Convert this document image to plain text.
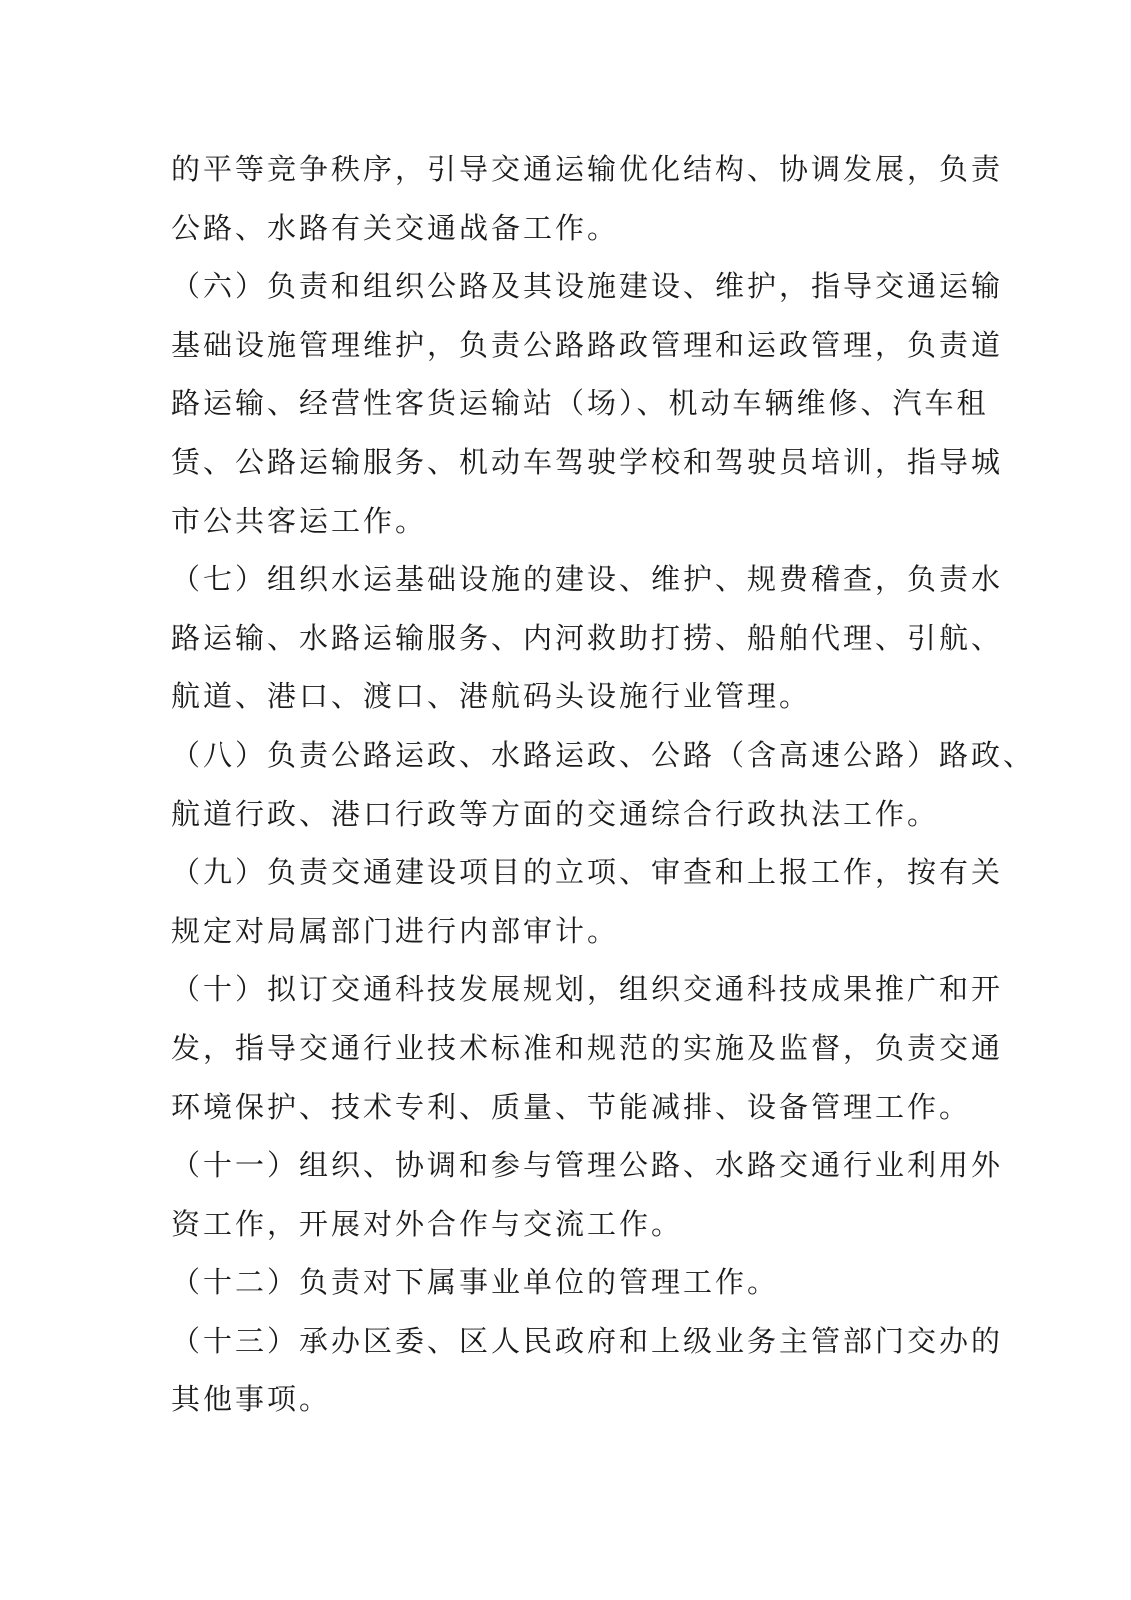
的平等竞争秩序，引导交通运输优化结构、协调发展，负责
公路、水路有关交通战备工作。
（六）负责和组织公路及其设施建设、维护，指导交通运输
基础设施管理维护，负责公路路政管理和运政管理，负责道
路运输、经营性客货运输站（场）、机动车辆维修、汽车租
赁、公路运输服务、机动车驾驶学校和驾驶员培训，指导城
市公共客运工作。
（七）组织水运基础设施的建设、维护、规费稽查，负责水
路运输、水路运输服务、内河救助打捞、船舶代理、引航、
航道、港口、渡口、港航码头设施行业管理。
（八）负责公路运政、水路运政、公路（含高速公路）路政、
航道行政、港口行政等方面的交通综合行政执法工作。
（九）负责交通建设项目的立项、审查和上报工作，按有关
规定对局属部门进行内部审计。
（十）拟订交通科技发展规划，组织交通科技成果推广和开
发，指导交通行业技术标准和规范的实施及监督，负责交通
环境保护、技术专利、质量、节能减排、设备管理工作。
（十一）组织、协调和参与管理公路、水路交通行业利用外
资工作，开展对外合作与交流工作。
（十二）负责对下属事业单位的管理工作。
（十三）承办区委、区人民政府和上级业务主管部门交办的
其他事项。
